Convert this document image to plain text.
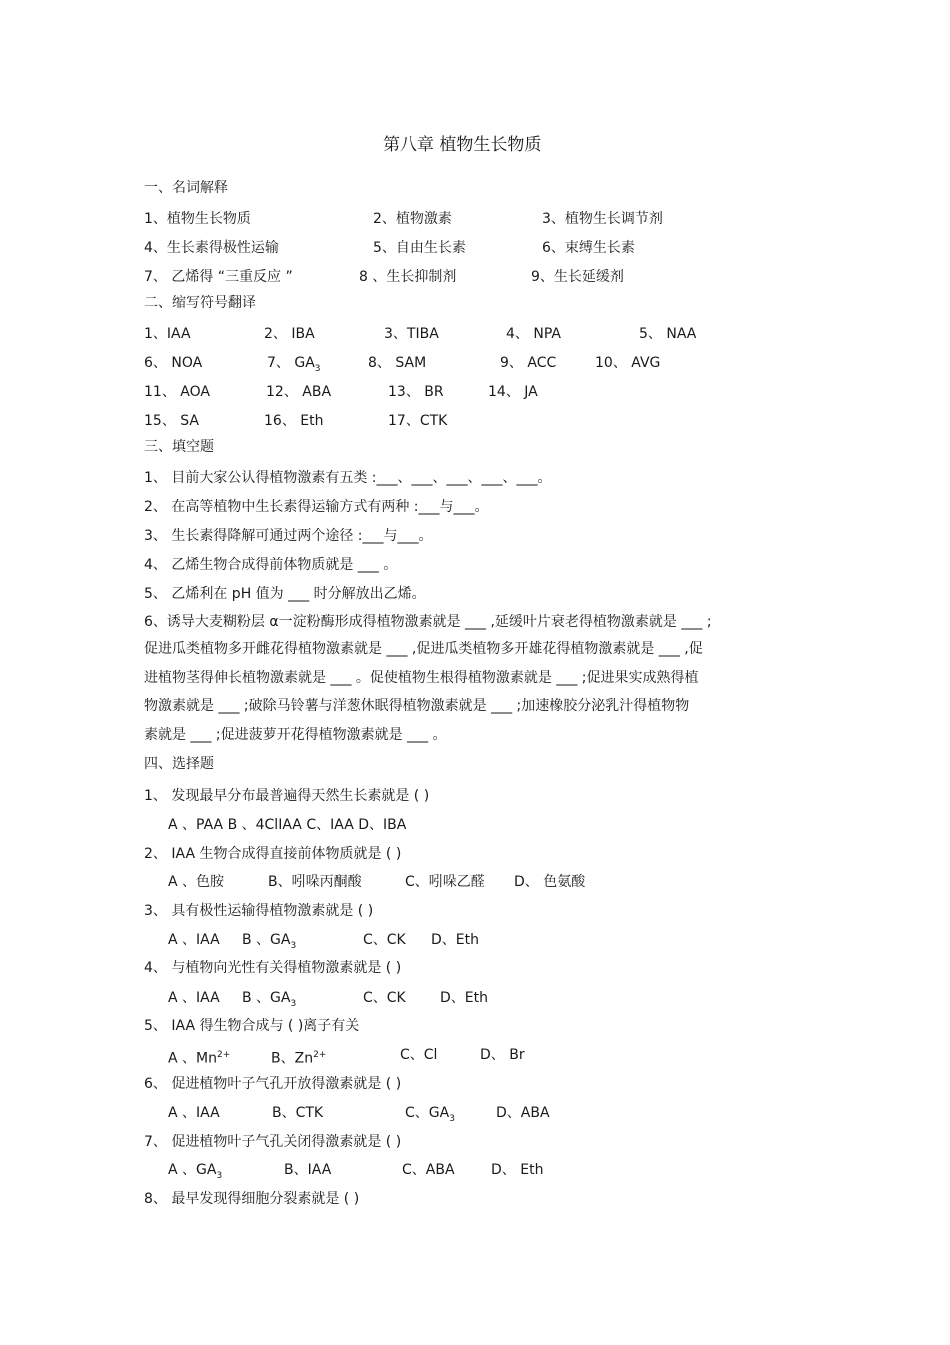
第八章 植物生长物质
一、名词解释
1、植物生长物质	2、植物激素	3、植物生长调节剂
4、生长素得极性运输	5、自由生长素	6、束缚生长素
7、 乙烯得 “三重反应 ”	8 、生长抑制剂	9、生长延缓剂
二、缩写符号翻译
1、IAA	2、 IBA	3、TIBA	4、 NPA	5、 NAA
6、 NOA	7、 $GA_3$	8、 SAM	9、 ACC	10、 AVG
11、 AOA	12、 ABA	13、 BR	14、 JA
15、 SA	16、 Eth	17、CTK
三、填空题
1、 目前大家公认得植物激素有五类 :___、___、___、___、___。
2、 在高等植物中生长素得运输方式有两种 :___与___。
3、 生长素得降解可通过两个途径 :___与___。
4、 乙烯生物合成得前体物质就是 ___ 。
5、 乙烯利在 pH 值为 ___ 时分解放出乙烯。
6、诱导大麦糊粉层 α一淀粉酶形成得植物激素就是 ___ ,延缓叶片衰老得植物激素就是 ___ ;
促进瓜类植物多开雌花得植物激素就是 ___ ,促进瓜类植物多开雄花得植物激素就是 ___ ,促
进植物茎得伸长植物激素就是 ___ 。促使植物生根得植物激素就是 ___ ;促进果实成熟得植
物激素就是 ___ ;破除马铃薯与洋葱休眠得植物激素就是 ___ ;加速橡胶分泌乳汁得植物物
素就是 ___ ;促进菠萝开花得植物激素就是 ___ 。
四、选择题
1、 发现最早分布最普遍得天然生长素就是 ( )
A 、PAA B 、4ClIAA C、IAA D、IBA
2、 IAA 生物合成得直接前体物质就是 ( )
A 、色胺	B、吲哚丙酮酸	C、吲哚乙醛 D、 色氨酸
3、 具有极性运输得植物激素就是 ( )
A 、IAA B 、$GA_3$	C、CK D、Eth
4、 与植物向光性有关得植物激素就是 ( )
A 、IAA B 、$GA_3$	C、CK D、Eth
5、 IAA 得生物合成与 ( )离子有关
A 、$Mn^{2+}$	B、$Zn^{2+}$	C、Cl	D、 Br
6、 促进植物叶子气孔开放得激素就是 ( )
A 、IAA	B、CTK	C、$GA_3$	D、ABA
7、 促进植物叶子气孔关闭得激素就是 ( )
A 、$GA_3$	B、IAA	C、ABA	D、 Eth
8、 最早发现得细胞分裂素就是 ( )
